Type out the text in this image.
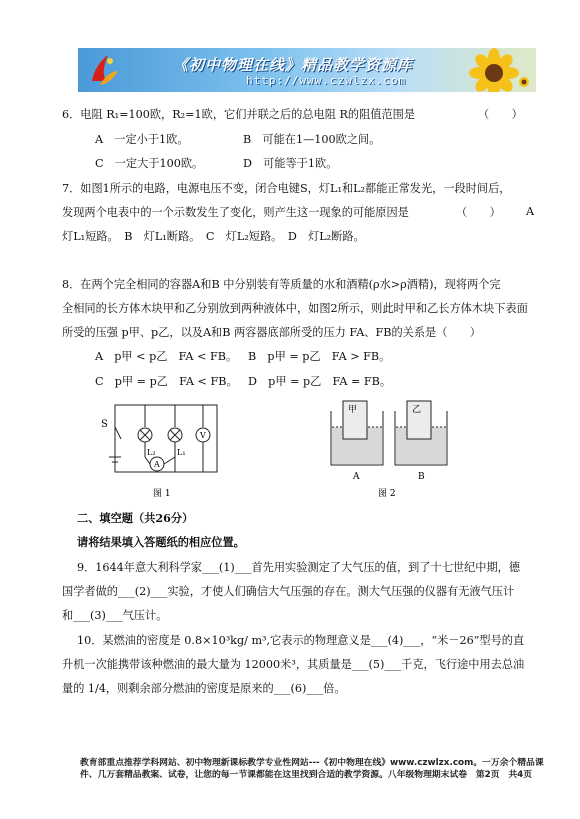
《初中物理在线》精品教学资源库
http://www.czwlzx.com
6．电阻 R₁=100欧，R₂=1欧，它们并联之后的总电阻 R的阻值范围是	（　　）
A　一定小于1欧。	B　可能在1—100欧之间。
C　一定大于100欧。	D　可能等于1欧。
7．如图1所示的电路，电源电压不变，闭合电键S，灯L₁和L₂都能正常发光，一段时间后，
发现两个电表中的一个示数发生了变化，则产生这一现象的可能原因是	（　　） A
灯L₁短路。　B　灯L₁断路。　C　灯L₂短路。　D　灯L₂断路。
8．在两个完全相同的容器A和B 中分别装有等质量的水和酒精(ρ水>ρ酒精)，现将两个完
全相同的长方体木块甲和乙分别放到两种液体中，如图2所示，则此时甲和乙长方体木块下表面
所受的压强 p甲、p乙，以及A和B 两容器底部所受的压力 FA、FB的关系是（　　）
A　p甲 < p乙　FA < FB。 B　p甲 = p乙　FA > FB。
C　p甲 = p乙　FA < FB。 D　p甲 = p乙　FA = FB。
S
L₂	L₁
A
V
图 1
甲	乙
A	B
图 2
二、填空题（共26分）
请将结果填入答题纸的相应位置。
9．1644年意大利科学家___(1)___首先用实验测定了大气压的值，到了十七世纪中期，德
国学者做的___(2)___实验，才使人们确信大气压强的存在。测大气压强的仪器有无液气压计
和___(3)___气压计。
10．某燃油的密度是 0.8×10³kg/ m³,它表示的物理意义是___(4)___，“米－26”型号的直
升机一次能携带该种燃油的最大量为 12000米³，其质量是___(5)___千克，飞行途中用去总油
量的 1/4，则剩余部分燃油的密度是原来的___(6)___倍。
教育部重点推荐学科网站、初中物理新课标教学专业性网站---《初中物理在线》www.czwlzx.com。一万余个精品课件、几万套精品教案、试卷，让您的每一节课都能在这里找到合适的教学资源。八年级物理期末试卷　第2页　共4页
